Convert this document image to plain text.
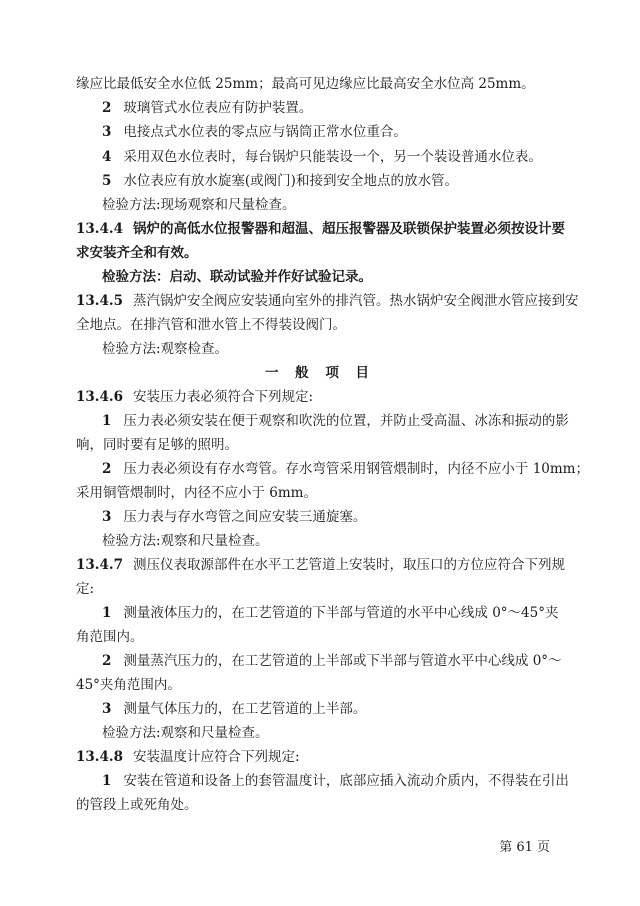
缘应比最低安全水位低 25mm；最高可见边缘应比最高安全水位高 25mm。
2 玻璃管式水位表应有防护装置。
3 电接点式水位表的零点应与锅筒正常水位重合。
4 采用双色水位表时，每台锅炉只能装设一个，另一个装设普通水位表。
5 水位表应有放水旋塞(或阀门)和接到安全地点的放水管。
检验方法:现场观察和尺量检查。
13.4.4 锅炉的高低水位报警器和超温、超压报警器及联锁保护装置必须按设计要
求安装齐全和有效。
检验方法：启动、联动试验并作好试验记录。
13.4.5 蒸汽锅炉安全阀应安装通向室外的排汽管。热水锅炉安全阀泄水管应接到安
全地点。在排汽管和泄水管上不得装设阀门。
检验方法:观察检查。
一 般 项 目
13.4.6 安装压力表必须符合下列规定:
1 压力表必须安装在便于观察和吹洗的位置，并防止受高温、冰冻和振动的影
响，同时要有足够的照明。
2 压力表必须设有存水弯管。存水弯管采用钢管煨制时，内径不应小于 10mm；
采用铜管煨制时，内径不应小于 6mm。
3 压力表与存水弯管之间应安装三通旋塞。
检验方法:观察和尺量检查。
13.4.7 测压仪表取源部件在水平工艺管道上安装时，取压口的方位应符合下列规
定:
1 测量液体压力的，在工艺管道的下半部与管道的水平中心线成 0°～45°夹
角范围内。
2 测量蒸汽压力的，在工艺管道的上半部或下半部与管道水平中心线成 0°～
45°夹角范围内。
3 测量气体压力的，在工艺管道的上半部。
检验方法:观察和尺量检查。
13.4.8 安装温度计应符合下列规定:
1 安装在管道和设备上的套管温度计，底部应插入流动介质内，不得装在引出
的管段上或死角处。
第 61 页
